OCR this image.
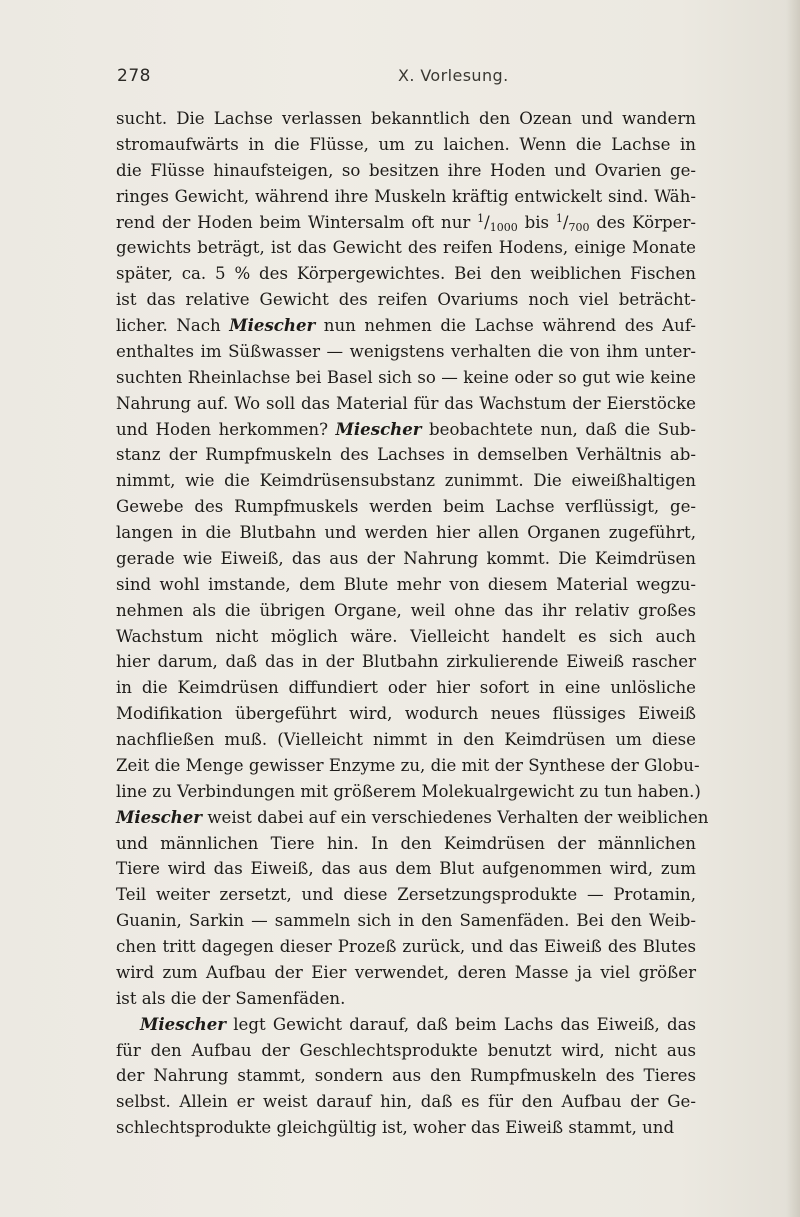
278	X. Vorlesung.
sucht. Die Lachse verlassen bekanntlich den Ozean und wandern
stromaufwärts in die Flüsse, um zu laichen. Wenn die Lachse in
die Flüsse hinaufsteigen, so besitzen ihre Hoden und Ovarien ge-
ringes Gewicht, während ihre Muskeln kräftig entwickelt sind. Wäh-
rend der Hoden beim Wintersalm oft nur $^1/_{1000}$ bis $^1/_{700}$ des Körper-
gewichts beträgt, ist das Gewicht des reifen Hodens, einige Monate
später, ca. 5 % des Körpergewichtes. Bei den weiblichen Fischen
ist das relative Gewicht des reifen Ovariums noch viel beträcht-
licher. Nach Miescher nun nehmen die Lachse während des Auf-
enthaltes im Süßwasser — wenigstens verhalten die von ihm unter-
suchten Rheinlachse bei Basel sich so — keine oder so gut wie keine
Nahrung auf. Wo soll das Material für das Wachstum der Eierstöcke
und Hoden herkommen? Miescher beobachtete nun, daß die Sub-
stanz der Rumpfmuskeln des Lachses in demselben Verhältnis ab-
nimmt, wie die Keimdrüsensubstanz zunimmt. Die eiweißhaltigen
Gewebe des Rumpfmuskels werden beim Lachse verflüssigt, ge-
langen in die Blutbahn und werden hier allen Organen zugeführt,
gerade wie Eiweiß, das aus der Nahrung kommt. Die Keimdrüsen
sind wohl imstande, dem Blute mehr von diesem Material wegzu-
nehmen als die übrigen Organe, weil ohne das ihr relativ großes
Wachstum nicht möglich wäre. Vielleicht handelt es sich auch
hier darum, daß das in der Blutbahn zirkulierende Eiweiß rascher
in die Keimdrüsen diffundiert oder hier sofort in eine unlösliche
Modifikation übergeführt wird, wodurch neues flüssiges Eiweiß
nachfließen muß. (Vielleicht nimmt in den Keimdrüsen um diese
Zeit die Menge gewisser Enzyme zu, die mit der Synthese der Globu-
line zu Verbindungen mit größerem Molekualrgewicht zu tun haben.)
Miescher weist dabei auf ein verschiedenes Verhalten der weiblichen
und männlichen Tiere hin. In den Keimdrüsen der männlichen
Tiere wird das Eiweiß, das aus dem Blut aufgenommen wird, zum
Teil weiter zersetzt, und diese Zersetzungsprodukte — Protamin,
Guanin, Sarkin — sammeln sich in den Samenfäden. Bei den Weib-
chen tritt dagegen dieser Prozeß zurück, und das Eiweiß des Blutes
wird zum Aufbau der Eier verwendet, deren Masse ja viel größer
ist als die der Samenfäden.
Miescher legt Gewicht darauf, daß beim Lachs das Eiweiß, das
für den Aufbau der Geschlechtsprodukte benutzt wird, nicht aus
der Nahrung stammt, sondern aus den Rumpfmuskeln des Tieres
selbst. Allein er weist darauf hin, daß es für den Aufbau der Ge-
schlechtsprodukte gleichgültig ist, woher das Eiweiß stammt, und
